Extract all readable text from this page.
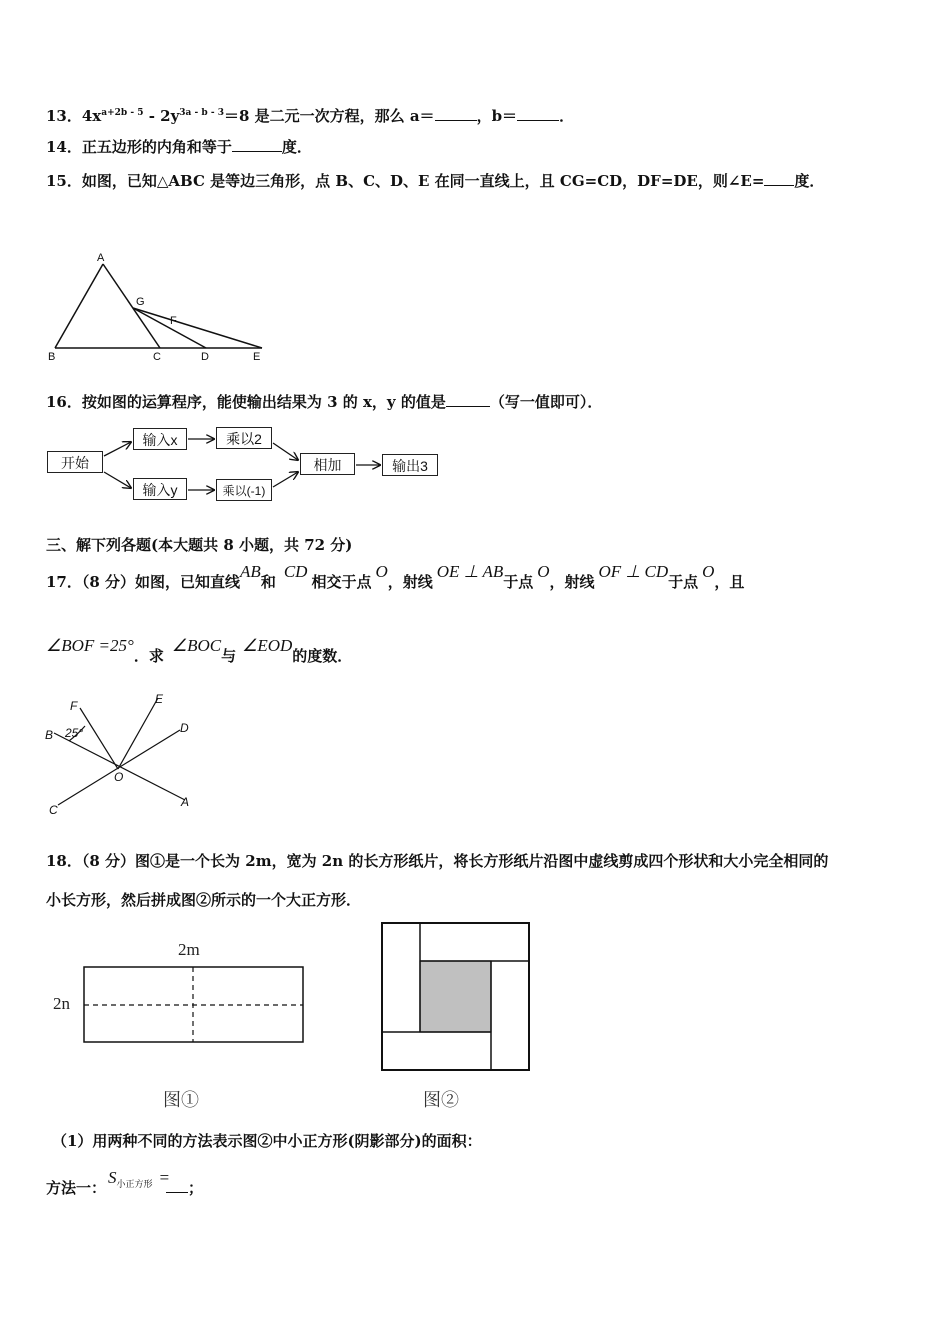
13．$4x^{a+2b - 5} - 2y^{3a - b - 3}=8$ 是二元一次方程，那么 a＝	，b＝	．
14．正五边形的内角和等于	度．
15．如图，已知△ABC 是等边三角形，点 B、C、D、E 在同一直线上，且 CG=CD，DF=DE，则∠E= 度．
A
B	C	D	E
F
G
16．按如图的运算程序，能使输出结果为 3 的 x，y 的值是	（写一值即可）．
开始
输入x	乘以2
输入y	乘以(-1)
相加	输出3
三、解下列各题(本大题共 8 小题，共 72 分)
17．（8 分）如图，已知直线AB和CD相交于点O，射线OE ⊥ AB于点O，射线OF ⊥ CD于点O，且
∠BOF =25°．求∠BOC与∠EOD的度数．
F	E
B 25°	D
O
C
A
18．（8 分）图①是一个长为 2m，宽为 2n 的长方形纸片，将长方形纸片沿图中虚线剪成四个形状和大小完全相同的
小长方形，然后拼成图②所示的一个大正方形．
2m
2n
图①	图②
（1）用两种不同的方法表示图②中小正方形(阴影部分)的面积：
方法一：$S^{小正方形}$ =；
